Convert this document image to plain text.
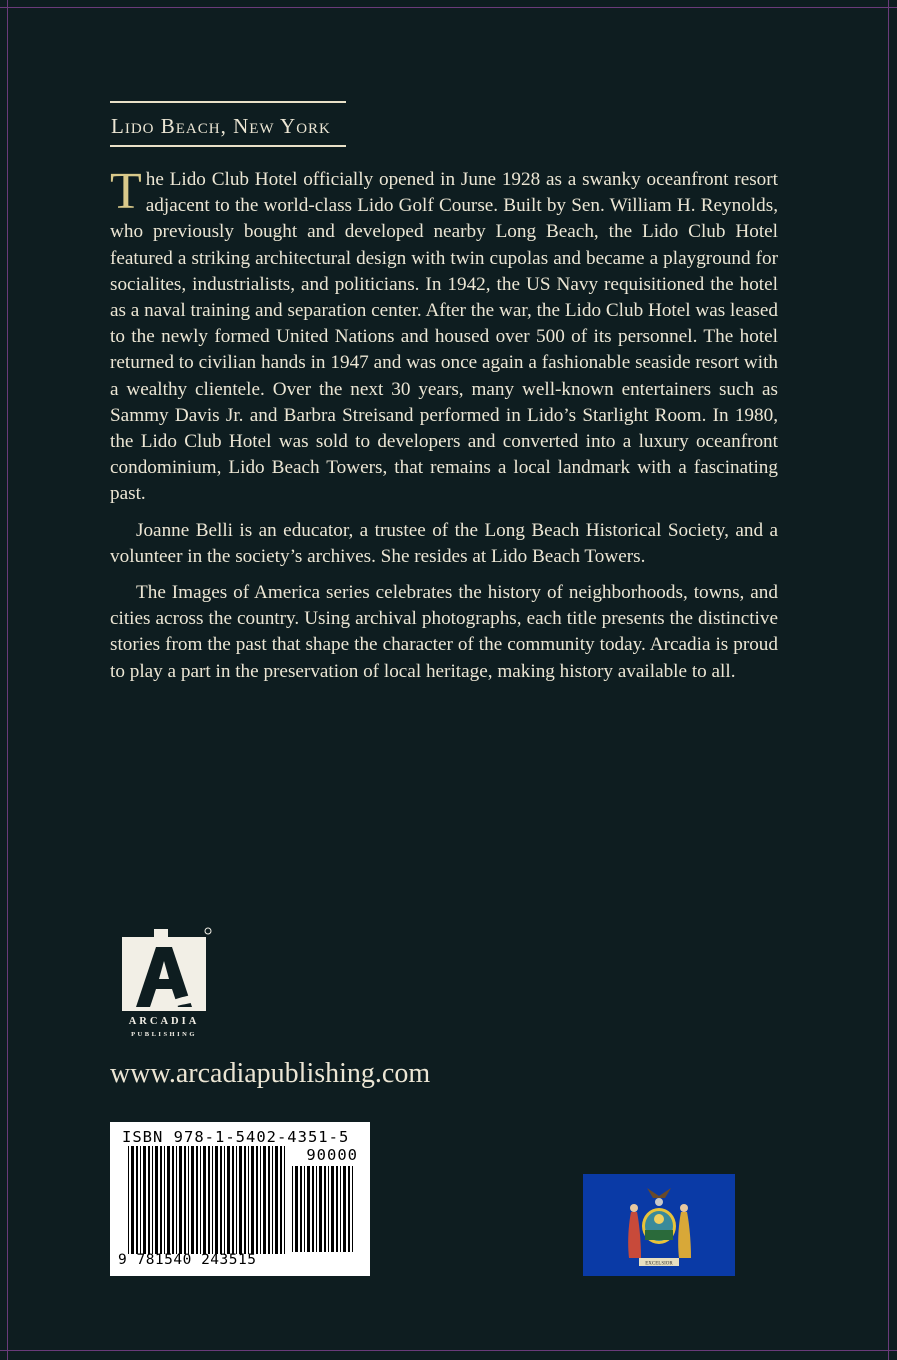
Lido Beach, New York

The Lido Club Hotel officially opened in June 1928 as a swanky oceanfront resort adjacent to the world-class Lido Golf Course. Built by Sen. William H. Reynolds, who previously bought and developed nearby Long Beach, the Lido Club Hotel featured a striking architectural design with twin cupolas and became a playground for socialites, industrialists, and politicians. In 1942, the US Navy requisitioned the hotel as a naval training and separation center. After the war, the Lido Club Hotel was leased to the newly formed United Nations and housed over 500 of its personnel. The hotel returned to civilian hands in 1947 and was once again a fashionable seaside resort with a wealthy clientele. Over the next 30 years, many well-known entertainers such as Sammy Davis Jr. and Barbra Streisand performed in Lido’s Starlight Room. In 1980, the Lido Club Hotel was sold to developers and converted into a luxury oceanfront condominium, Lido Beach Towers, that remains a local landmark with a fascinating past.

Joanne Belli is an educator, a trustee of the Long Beach Historical Society, and a volunteer in the society’s archives. She resides at Lido Beach Towers.

The Images of America series celebrates the history of neighborhoods, towns, and cities across the country. Using archival photographs, each title presents the distinctive stories from the past that shape the character of the community today. Arcadia is proud to play a part in the preservation of local heritage, making history available to all.

ARCADIA
PUBLISHING
www.arcadiapublishing.com
ISBN 978-1-5402-4351-5
90000
9 781540 243515	EXCELSIOR
